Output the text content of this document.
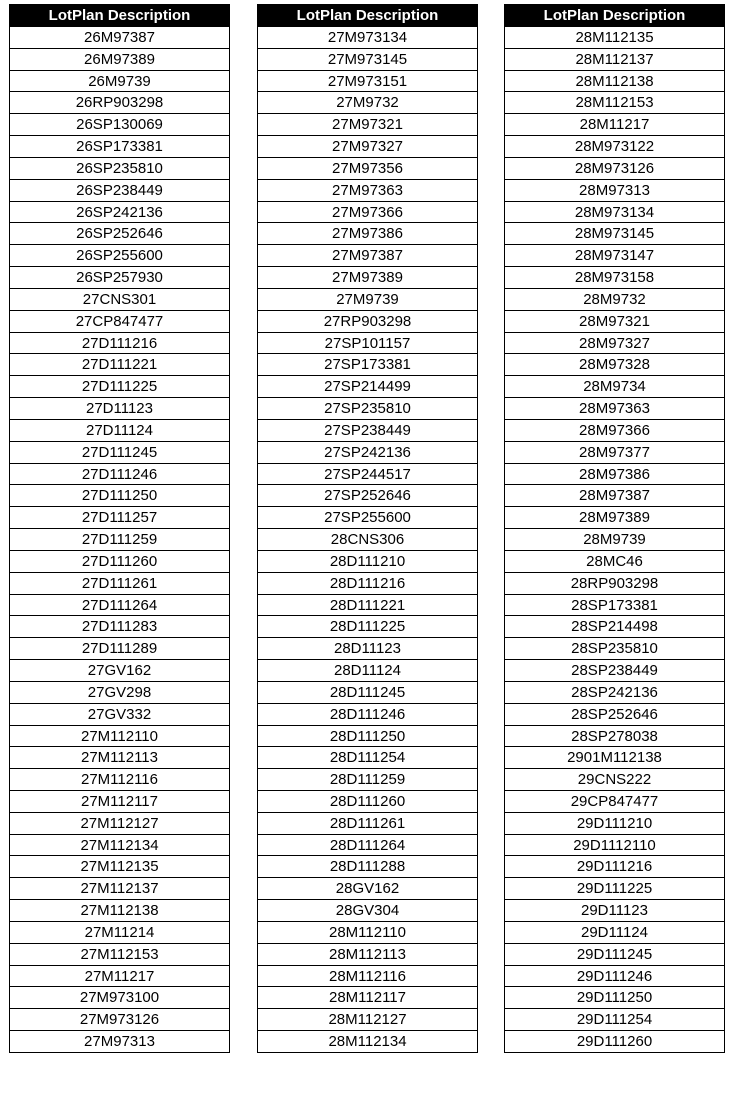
LotPlan Description
26M97387
26M97389
26M9739
26RP903298
26SP130069
26SP173381
26SP235810
26SP238449
26SP242136
26SP252646
26SP255600
26SP257930
27CNS301
27CP847477
27D111216
27D111221
27D111225
27D11123
27D11124
27D111245
27D111246
27D111250
27D111257
27D111259
27D111260
27D111261
27D111264
27D111283
27D111289
27GV162
27GV298
27GV332
27M112110
27M112113
27M112116
27M112117
27M112127
27M112134
27M112135
27M112137
27M112138
27M11214
27M112153
27M11217
27M973100
27M973126
27M97313
LotPlan Description
27M973134
27M973145
27M973151
27M9732
27M97321
27M97327
27M97356
27M97363
27M97366
27M97386
27M97387
27M97389
27M9739
27RP903298
27SP101157
27SP173381
27SP214499
27SP235810
27SP238449
27SP242136
27SP244517
27SP252646
27SP255600
28CNS306
28D111210
28D111216
28D111221
28D111225
28D11123
28D11124
28D111245
28D111246
28D111250
28D111254
28D111259
28D111260
28D111261
28D111264
28D111288
28GV162
28GV304
28M112110
28M112113
28M112116
28M112117
28M112127
28M112134
LotPlan Description
28M112135
28M112137
28M112138
28M112153
28M11217
28M973122
28M973126
28M97313
28M973134
28M973145
28M973147
28M973158
28M9732
28M97321
28M97327
28M97328
28M9734
28M97363
28M97366
28M97377
28M97386
28M97387
28M97389
28M9739
28MC46
28RP903298
28SP173381
28SP214498
28SP235810
28SP238449
28SP242136
28SP252646
28SP278038
2901M112138
29CNS222
29CP847477
29D111210
29D1112110
29D111216
29D111225
29D11123
29D11124
29D111245
29D111246
29D111250
29D111254
29D111260
